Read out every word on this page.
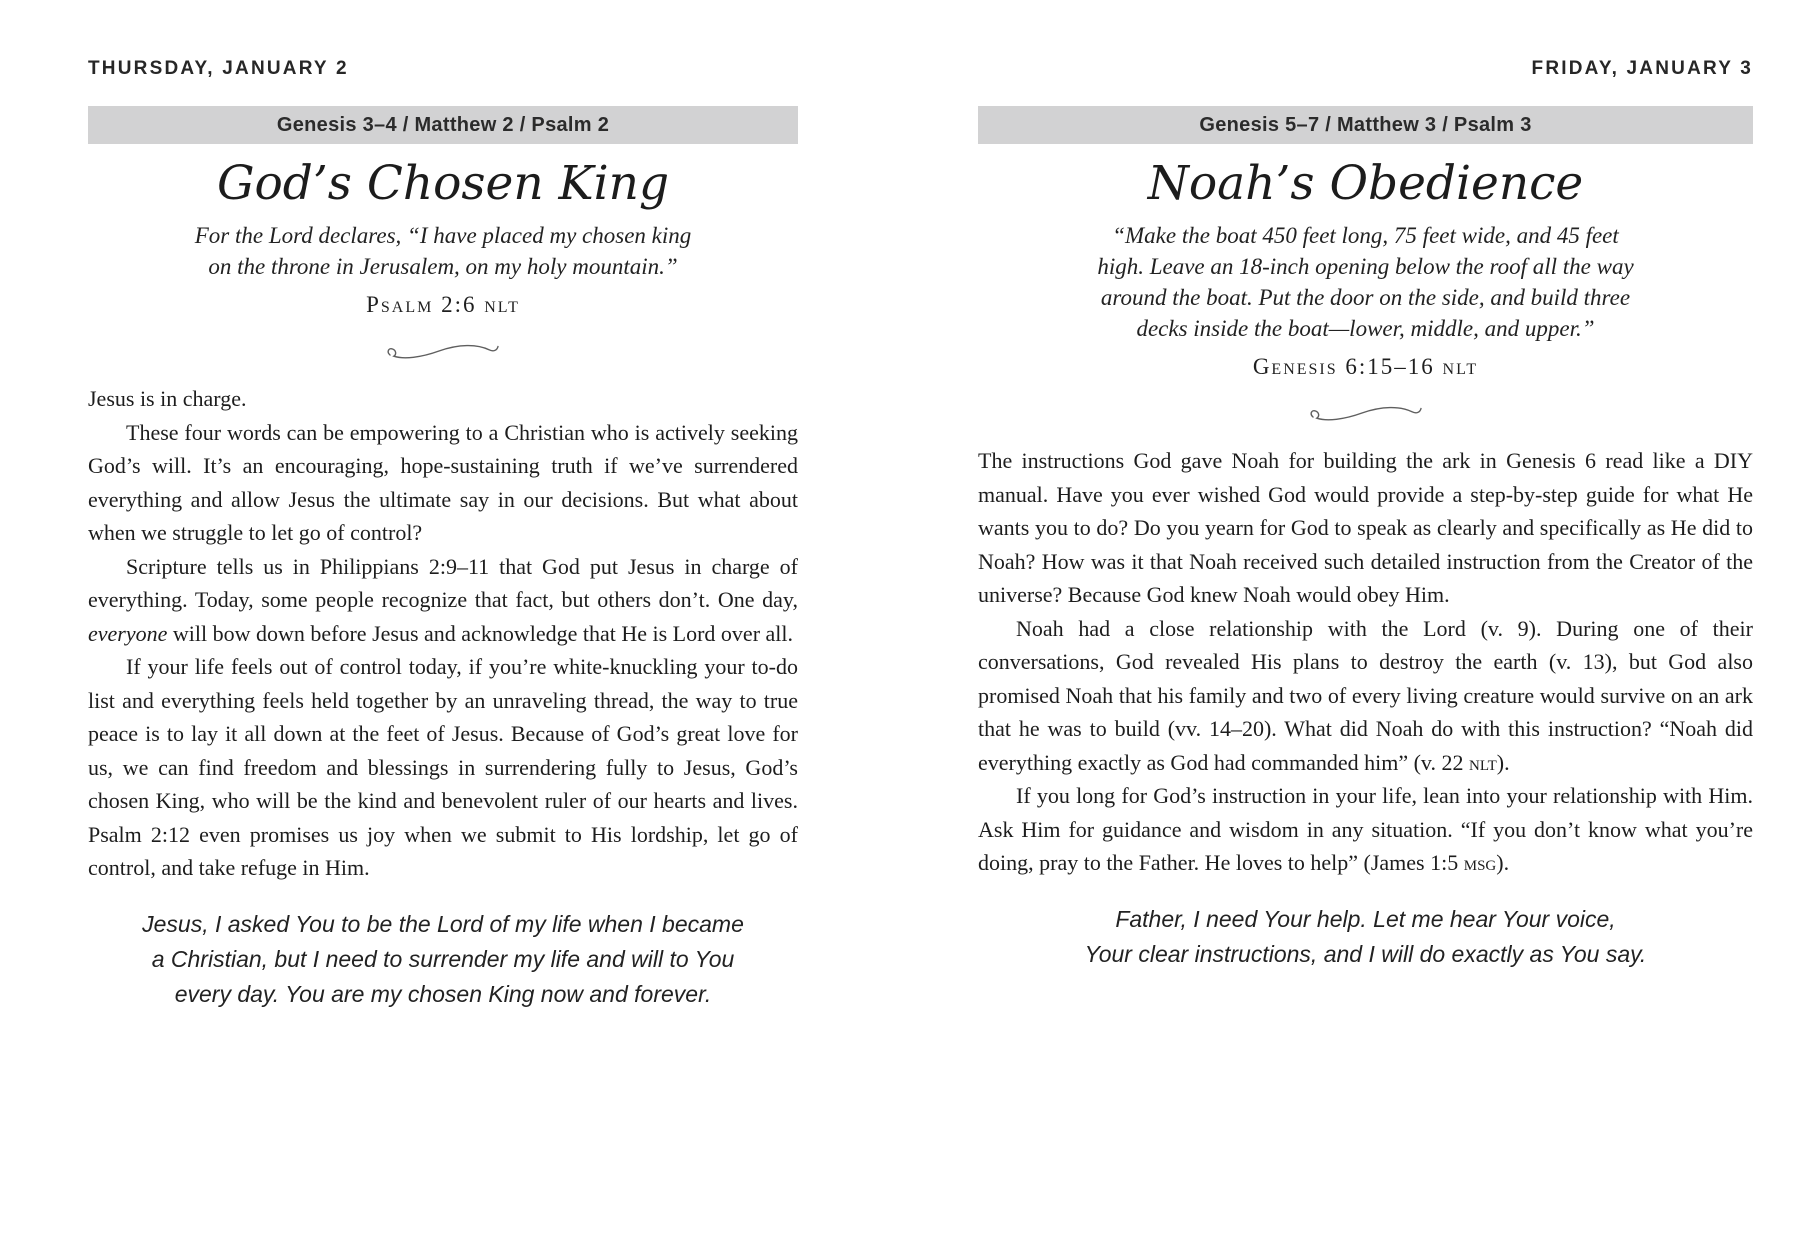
THURSDAY, JANUARY 2
Genesis 3–4 / Matthew 2 / Psalm 2
God’s Chosen King
For the Lord declares, “I have placed my chosen king
on the throne in Jerusalem, on my holy mountain.”
Psalm 2:6 nlt
Jesus is in charge.
These four words can be empowering to a Christian who is actively seeking God’s will. It’s an encouraging, hope-sustaining truth if we’ve surrendered everything and allow Jesus the ultimate say in our decisions. But what about when we struggle to let go of control?
Scripture tells us in Philippians 2:9–11 that God put Jesus in charge of everything. Today, some people recognize that fact, but others don’t. One day, everyone will bow down before Jesus and acknowledge that He is Lord over all.
If your life feels out of control today, if you’re white-knuckling your to-do list and everything feels held together by an unraveling thread, the way to true peace is to lay it all down at the feet of Jesus. Because of God’s great love for us, we can find freedom and blessings in surrendering fully to Jesus, God’s chosen King, who will be the kind and benevolent ruler of our hearts and lives. Psalm 2:12 even promises us joy when we submit to His lordship, let go of control, and take refuge in Him.
Jesus, I asked You to be the Lord of my life when I became
a Christian, but I need to surrender my life and will to You
every day. You are my chosen King now and forever.
FRIDAY, JANUARY 3
Genesis 5–7 / Matthew 3 / Psalm 3
Noah’s Obedience
“Make the boat 450 feet long, 75 feet wide, and 45 feet
high. Leave an 18-inch opening below the roof all the way
around the boat. Put the door on the side, and build three
decks inside the boat—lower, middle, and upper.”
Genesis 6:15–16 nlt
The instructions God gave Noah for building the ark in Genesis 6 read like a DIY manual. Have you ever wished God would provide a step-by-step guide for what He wants you to do? Do you yearn for God to speak as clearly and specifically as He did to Noah? How was it that Noah received such detailed instruction from the Creator of the universe? Because God knew Noah would obey Him.
Noah had a close relationship with the Lord (v. 9). During one of their conversations, God revealed His plans to destroy the earth (v. 13), but God also promised Noah that his family and two of every living creature would survive on an ark that he was to build (vv. 14–20). What did Noah do with this instruction? “Noah did everything exactly as God had commanded him” (v. 22 nlt).
If you long for God’s instruction in your life, lean into your relationship with Him. Ask Him for guidance and wisdom in any situation. “If you don’t know what you’re doing, pray to the Father. He loves to help” (James 1:5 msg).
Father, I need Your help. Let me hear Your voice,
Your clear instructions, and I will do exactly as You say.
